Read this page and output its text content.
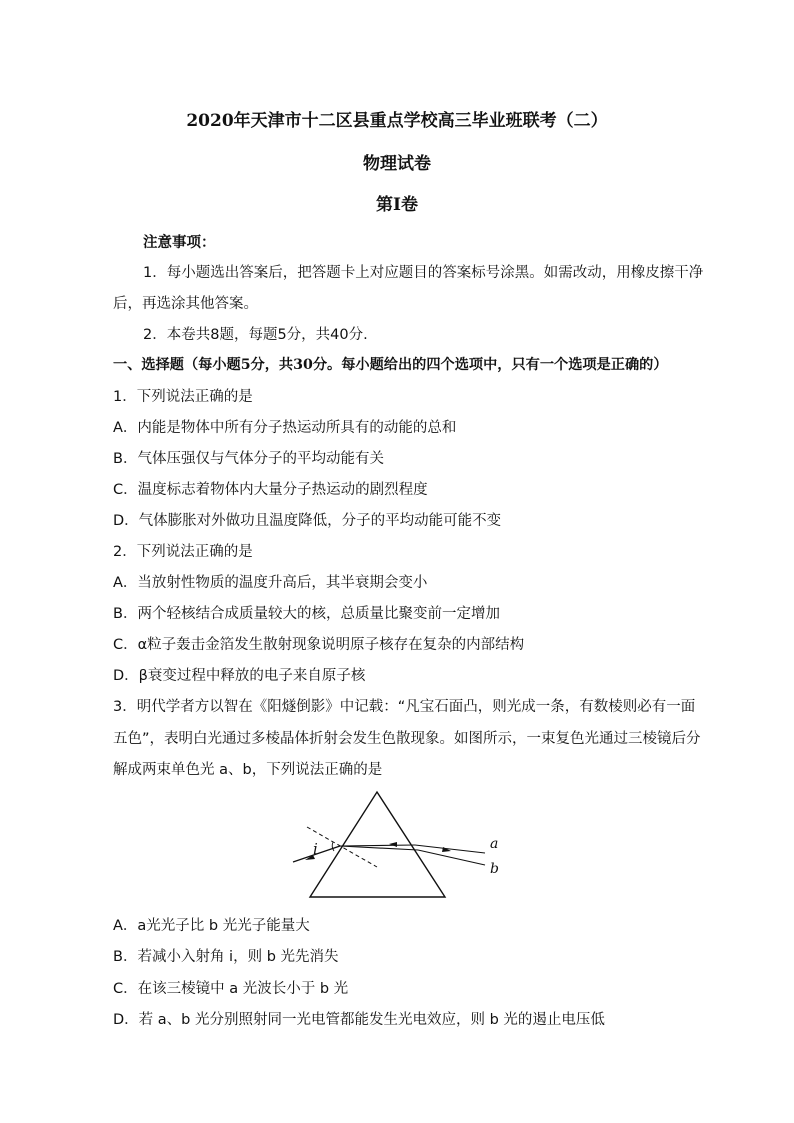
2020年天津市十二区县重点学校高三毕业班联考（二）
物理试卷
第Ⅰ卷
注意事项：
1．每小题选出答案后，把答题卡上对应题目的答案标号涂黑。如需改动，用橡皮擦干净
后，再选涂其他答案。
2．本卷共8题，每题5分，共40分.
一、选择题（每小题5分，共30分。每小题给出的四个选项中，只有一个选项是正确的）
1．下列说法正确的是
A．内能是物体中所有分子热运动所具有的动能的总和
B．气体压强仅与气体分子的平均动能有关
C．温度标志着物体内大量分子热运动的剧烈程度
D．气体膨胀对外做功且温度降低，分子的平均动能可能不变
2．下列说法正确的是
A．当放射性物质的温度升高后，其半衰期会变小
B．两个轻核结合成质量较大的核，总质量比聚变前一定增加
C．α粒子轰击金箔发生散射现象说明原子核存在复杂的内部结构
D．β衰变过程中释放的电子来自原子核
3．明代学者方以智在《阳燧倒影》中记载：“凡宝石面凸，则光成一条，有数棱则必有一面
五色”，表明白光通过多棱晶体折射会发生色散现象。如图所示，一束复色光通过三棱镜后分
解成两束单色光 a、b，下列说法正确的是
i	a
b
A．a光光子比 b 光光子能量大
B．若减小入射角 i，则 b 光先消失
C．在该三棱镜中 a 光波长小于 b 光
D．若 a、b 光分别照射同一光电管都能发生光电效应，则 b 光的遏止电压低
